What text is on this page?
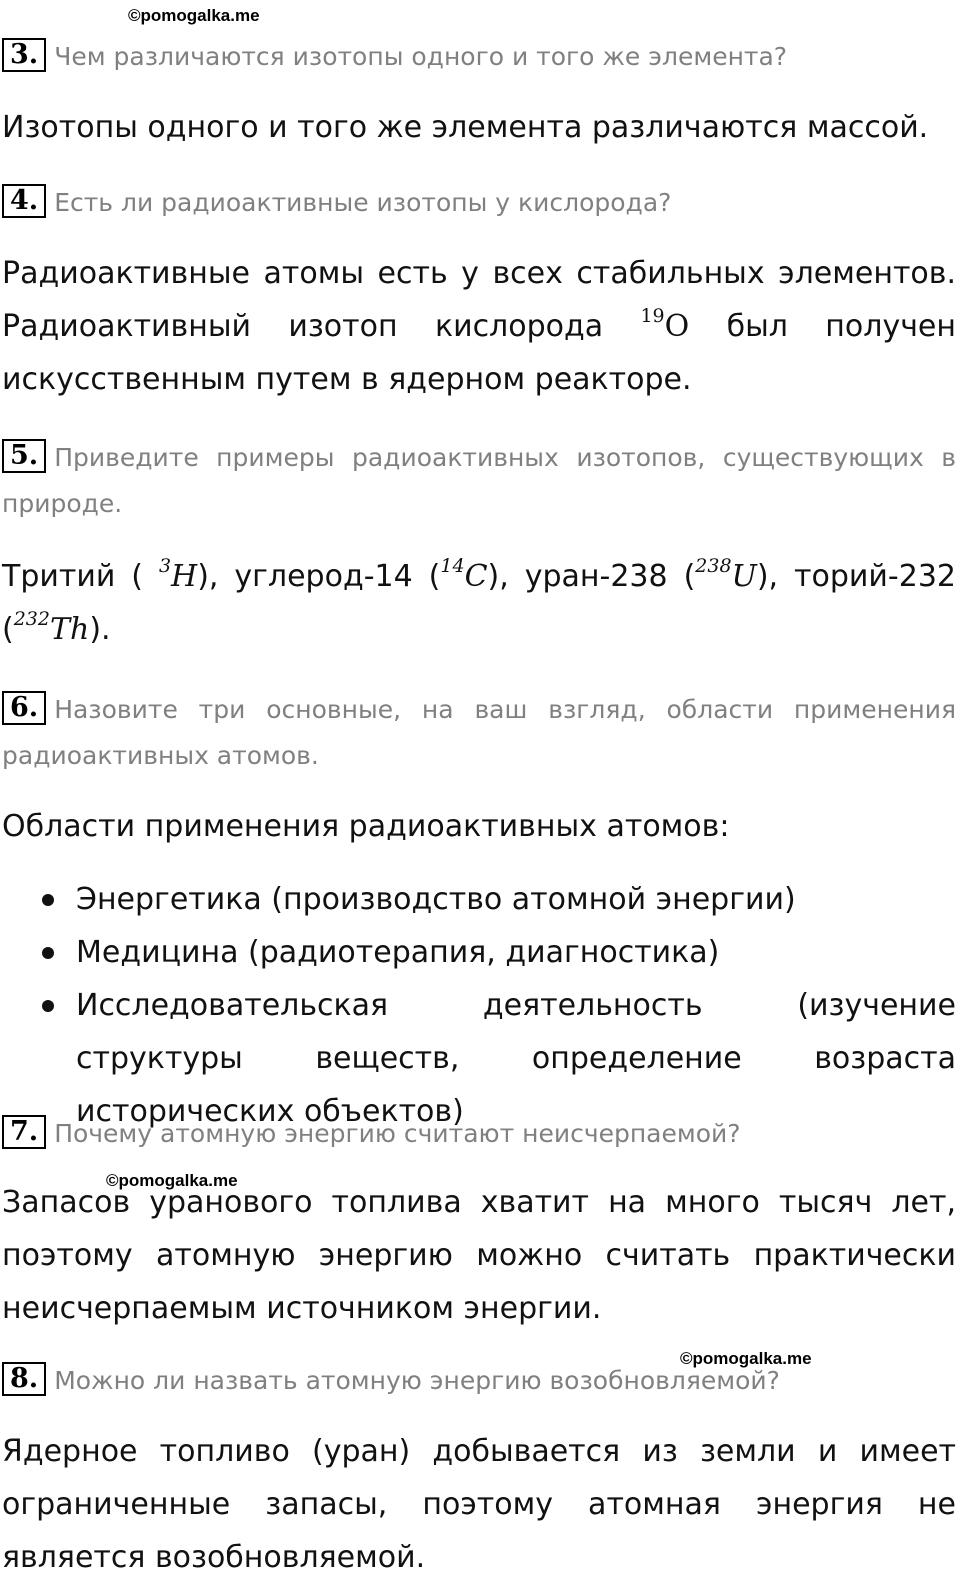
©pomogalka.me
©pomogalka.me
©pomogalka.me
3. Чем различаются изотопы одного и того же элемента?
Изотопы одного и того же элемента различаются массой.
4. Есть ли радиоактивные изотопы у кислорода?
Радиоактивные атомы есть у всех стабильных элементов. Радиоактивный изотоп кислорода $^{19}$O был получен искусственным путем в ядерном реакторе.
5. Приведите примеры радиоактивных изотопов, существующих в природе.
Тритий ( $^3$H), углерод-14 ($^{14}$C), уран-238 ($^{238}$U), торий-232 ($^{232}$Th).
6. Назовите три основные, на ваш взгляд, области применения радиоактивных атомов.
Области применения радиоактивных атомов:
Энергетика (производство атомной энергии)
Медицина (радиотерапия, диагностика)
Исследовательская деятельность (изучение структуры веществ, определение возраста исторических объектов)
7. Почему атомную энергию считают неисчерпаемой?
Запасов уранового топлива хватит на много тысяч лет, поэтому атомную энергию можно считать практически неисчерпаемым источником энергии.
8. Можно ли назвать атомную энергию возобновляемой?
Ядерное топливо (уран) добывается из земли и имеет ограниченные запасы, поэтому атомная энергия не является возобновляемой.
